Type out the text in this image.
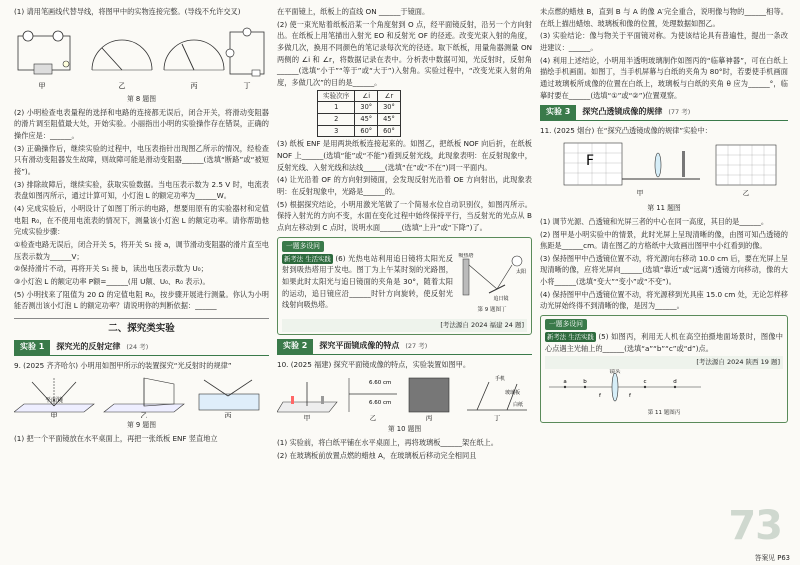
(1) 请用笔画线代替导线，将图甲中的实物连接完整。(导线不允许交叉)

甲	乙	丙	丁
第 8 题图

(2) 小明检查电表量程的选择和电路的连接都无误后，闭合开关，将滑动变阻器的滑片调至阻值最大处，开始实验。小丽指出小明的实验操作存在错误，正确的操作应是：______。

(3) 正确操作后，继续实验的过程中，电压表指针出现图乙所示的情况，经检查只有滑动变阻器发生故障，则故障可能是滑动变阻器______(选填“断路”或“被短接”)。

(3) 排除故障后，继续实验，获取实验数据。当电压表示数为 2.5 V 时，电流表表盘如图丙所示，通过计算可知，小灯泡 L 的额定功率为______W。

(4) 完成实验后，小明设计了如图丁所示的电路，想要用原有的实验器材和定值电阻 R₀，在不使用电流表的情况下，测量该小灯泡 L 的额定功率。请你帮助他完成实验步骤：

①检查电路无误后，闭合开关 S，将开关 S₁ 接 a，调节滑动变阻器的滑片直至电压表示数为______V；

②保持滑片不动，再将开关 S₁ 接 b，读出电压表示数为 U₀；

③小灯泡 L 的额定功率 P额=______(用 U额、U₀、R₀ 表示)。

(5) 小明找来了阻值为 20 Ω 的定值电阻 R₀，按步骤开展进行测量。你认为小明能否测出该小灯泡 L 的额定功率？请说明你的判断依据：______

二、探究类实验
实验 1	探究光的反射定律 (24 考)

9. (2025 齐齐哈尔) 小明用如图甲所示的装置探究“光反射时的规律”

平面镜
甲	乙	丙
第 9 题图

(1) 把一个平面镜放在水平桌面上，再把一张纸板 ENF 竖直地立

在平面镜上，纸板上的直线 ON ______于镜面。

(2) 使一束光贴着纸板沿某一个角度射到 O 点，经平面镜反射，沿另一个方向射出。在纸板上用笔描出入射光 EO 和反射光 OF 的径迹。改变光束入射的角度，多做几次，换用不同颜色的笔记录每次光的径迹。取下纸板，用量角器测量 ON 两侧的 ∠i 和 ∠r，将数据记录在表中。分析表中数据可知，光反射时，反射角______(选填“小于”“等于”或“大于”)入射角。实验过程中，“改变光束入射的角度，多做几次”的目的是______。

实验次序	∠i	∠r
1	30°	30°
2	45°	45°
3	60°	60°

(3) 纸板 ENF 是用两块纸板连接起来的。如图乙，把纸板 NOF 向后折，在纸板 NOF 上______(选填“能”或“不能”)看到反射光线，此现象表明：在反射现象中，反射光线、入射光线和法线______(选填“在”或“不在”)同一平面内。

(4) 让光沿着 OF 的方向射到镜面，会发现反射光沿着 OE 方向射出，此现象表明：在反射现象中，光路是______的。

(5) 根据探究结论，小明用激光笔做了一个简易水位自动识别仪，如图丙所示。保持入射光的方向不变，水面在变化过程中始终保持平行，当反射光的光点从 B 点向左移动到 C 点时，说明水面______(选填“上升”或“下降”)了。

一题多设问

新考法 生活实践 (6) 光热电站利用追日镜将太阳光反射到吸热塔用于发电。图丁为上午某时刻的光路图，如果此时太阳光与追日镜面的夹角是 30°，随着太阳的运动，追日镜应沿______时针方向旋转，使反射光线射向吸热塔。

吸热塔
太阳
追日镜
第 9 题图丁
[考法源自 2024 福建 24 题]
实验 2	探究平面镜成像的特点 (27 考)

10. (2025 福建) 探究平面镜成像的特点，实验装置如图甲。

6.60 cm
6.60 cm
手机
玻璃板
白纸
甲	乙	丙	丁
第 10 题图

(1) 实验前，将白纸平铺在水平桌面上，再将玻璃板______架在纸上。

(2) 在玻璃板前放置点燃的蜡烛 A，在玻璃板后移动完全相同且

未点燃的蜡烛 B，直到 B 与 A 的像 A′完全重合，说明像与物的______相等。在纸上描出蜡烛、玻璃板和像的位置，处理数据如图乙。

(3) 实验结论：像与物关于平面镜对称。为使该结论具有普遍性，提出一条改进建议：______。

(4) 利用上述结论，小明用半透明玻璃制作如图丙的“临摹神器”，可在白纸上描绘手机画面。如图丁，当手机屏幕与白纸的夹角为 80°时，若要使手机画面通过玻璃板所成像的位置在白纸上，玻璃板与白纸的夹角 θ 应为______°，临摹时要在______(选填“①”或“②”)位置观察。

实验 3	探究凸透镜成像的规律 (77 考)

11. (2025 烟台) 在“探究凸透镜成像的规律”实验中：

F
甲	乙
第 11 题图

(1) 调节光源、凸透镜和光屏三者的中心在同一高度，其目的是______。

(2) 图甲是小明实验中的情景，此时光屏上呈现清晰的像，由图可知凸透镜的焦距是______cm。请在图乙的方格纸中大致画出图甲中小红看到的像。

(3) 保持图甲中凸透镜位置不动，将光源向右移动 10.0 cm 后，要在光屏上呈现清晰的像，应将光屏向______(选填“靠近”或“远离”)透镜方向移动，像的大小将______(选填“变大”“变小”或“不变”)。

(4) 保持图甲中凸透镜位置不动，将光源移到光具座 15.0 cm 处，无论怎样移动光屏始终得不到清晰的像，是因为______。

一题多设问

新考法 生活实践 (5) 如图丙，利用无人机在高空拍摄地面场景时，图像中心点遇主光轴上的______(选填“a”“b”“c”或“d”)点。

[考法源自 2024 陕西 19 题]
镜头
a	b	c	d
f	f
第 11 题图丙
73
答案见 P63
